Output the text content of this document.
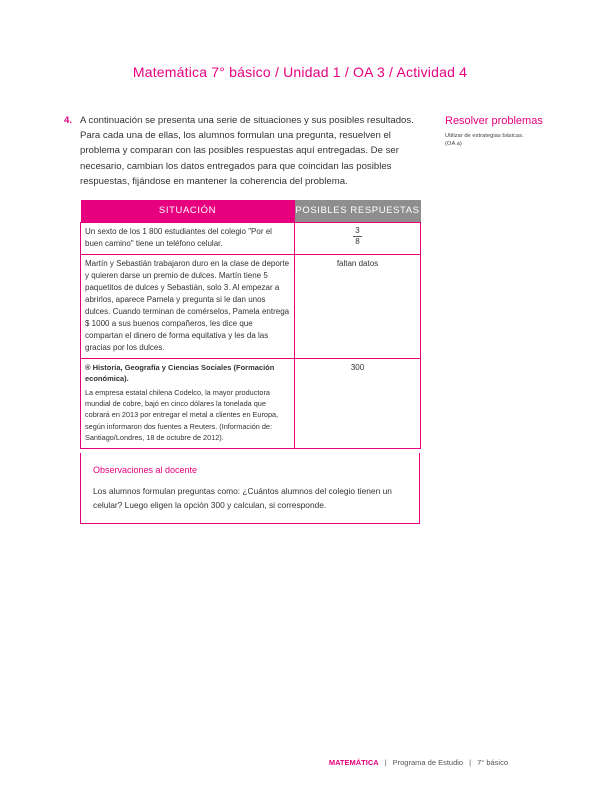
Matemática 7° básico / Unidad 1 / OA 3 / Actividad 4
4. A continuación se presenta una serie de situaciones y sus posibles resultados. Para cada una de ellas, los alumnos formulan una pregunta, resuelven el problema y comparan con las posibles respuestas aquí entregadas. De ser necesario, cambian los datos entregados para que coincidan las posibles respuestas, fijándose en mantener la coherencia del problema.

Resolver problemas
Utilizar de estrategias básicas. (OA a)
SITUACIÓN	POSIBLES RESPUESTAS
Un sexto de los 1 800 estudiantes del colegio "Por el buen camino" tiene un teléfono celular.	$\frac{3}{8}$

Martín y Sebastián trabajaron duro en la clase de deporte y quieren darse un premio de dulces. Martín tiene 5 paquetitos de dulces y Sebastián, solo 3. Al empezar a abrirlos, aparece Pamela y pregunta si le dan unos dulces. Cuando terminan de comérselos, Pamela entrega $ 1000 a sus buenos compañeros, les dice que compartan el dinero de forma equitativa y les da las gracias por los dulces.	faltan datos

® Historia, Geografía y Ciencias Sociales (Formación económica).
La empresa estatal chilena Codelco, la mayor productora mundial de cobre, bajó en cinco dólares la tonelada que cobrará en 2013 por entregar el metal a clientes en Europa, según informaron dos fuentes a Reuters. (Información de: Santiago/Londres, 18 de octubre de 2012).	300
Observaciones al docente

Los alumnos formulan preguntas como: ¿Cuántos alumnos del colegio tienen un celular? Luego eligen la opción 300 y calculan, si corresponde.

MATEMÁTICA | Programa de Estudio | 7° básico
